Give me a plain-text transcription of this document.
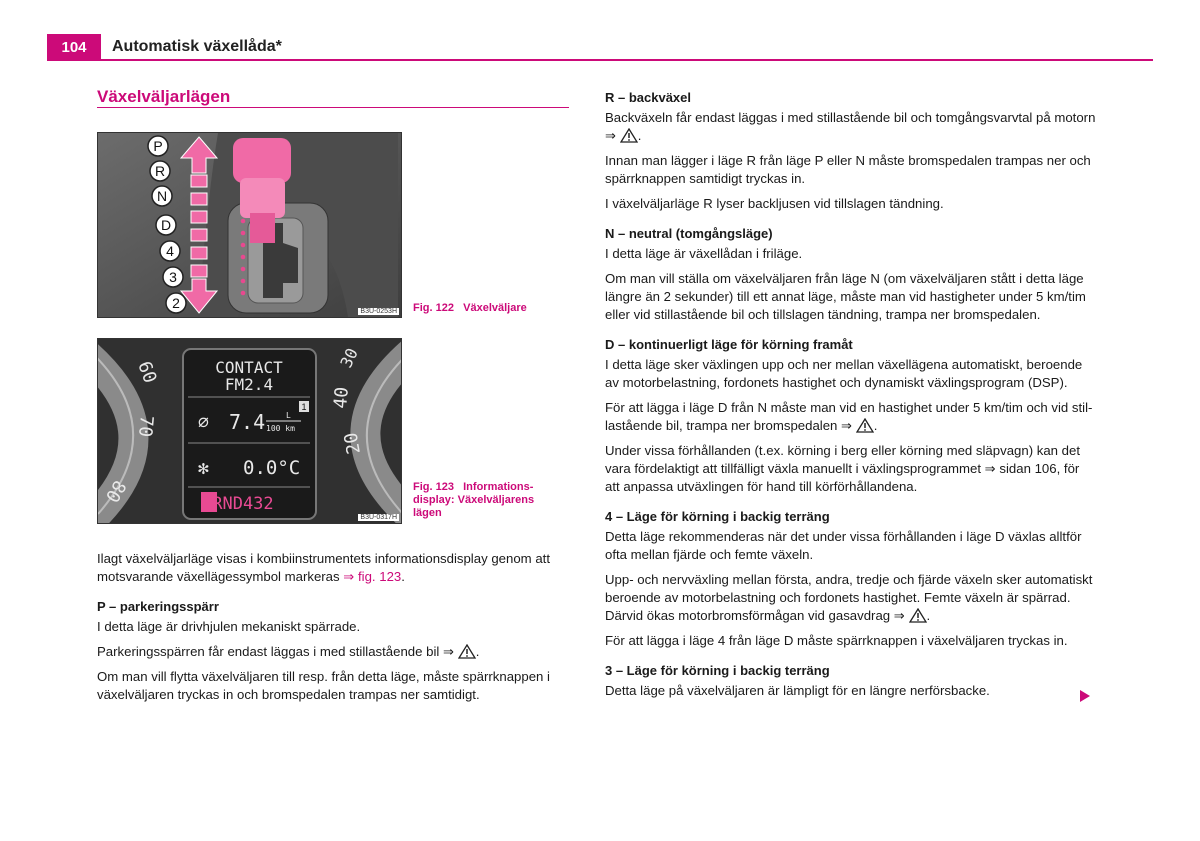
104	Automatisk växellåda*
Växelväljarlägen
P
R
N
D
4
3
2
B3U-0253H Fig. 122   Växelväljare
60
70
80
40
30
20
CONTACT
FM2.4
⌀ 7.4	L
100 km
1
✻ 0.0°C
PRND432
B3U-0317H
Fig. 123   Informations-
display: Växelväljarens
lägen

Ilagt växelväljarläge visas i kombiinstrumentets informationsdisplay genom att
motsvarande växellägessymbol markeras ⇒ fig. 123.

P – parkeringsspärr

I detta läge är drivhjulen mekaniskt spärrade.

Parkeringsspärren får endast läggas i med stillastående bil ⇒ .

Om man vill flytta växelväljaren till resp. från detta läge, måste spärrknappen i
växelväljaren tryckas in och bromspedalen trampas ner samtidigt.

R – backväxel

Backväxeln får endast läggas i med stillastående bil och tomgångsvarvtal på motorn
⇒ .

Innan man lägger i läge R från läge P eller N måste bromspedalen trampas ner och
spärrknappen samtidigt tryckas in.

I växelväljarläge R lyser backljusen vid tillslagen tändning.

N – neutral (tomgångsläge)

I detta läge är växellådan i friläge.

Om man vill ställa om växelväljaren från läge N (om växelväljaren stått i detta läge
längre än 2 sekunder) till ett annat läge, måste man vid hastigheter under 5 km/tim
eller vid stillastående bil och tillslagen tändning, trampa ner bromspedalen.

D – kontinuerligt läge för körning framåt

I detta läge sker växlingen upp och ner mellan växellägena automatiskt, beroende
av motorbelastning, fordonets hastighet och dynamiskt växlingsprogram (DSP).

För att lägga i läge D från N måste man vid en hastighet under 5 km/tim och vid stil-
lastående bil, trampa ner bromspedalen ⇒ .

Under vissa förhållanden (t.ex. körning i berg eller körning med släpvagn) kan det
vara fördelaktigt att tillfälligt växla manuellt i växlingsprogrammet ⇒ sidan 106, för
att anpassa utväxlingen för hand till körförhållandena.

4 – Läge för körning i backig terräng

Detta läge rekommenderas när det under vissa förhållanden i läge D växlas alltför
ofta mellan fjärde och femte växeln.

Upp- och nervväxling mellan första, andra, tredje och fjärde växeln sker automatiskt
beroende av motorbelastning och fordonets hastighet. Femte växeln är spärrad.
Därvid ökas motorbromsförmågan vid gasavdrag ⇒ .

För att lägga i läge 4 från läge D måste spärrknappen i växelväljaren tryckas in.

3 – Läge för körning i backig terräng

Detta läge på växelväljaren är lämpligt för en längre nerförsbacke.
